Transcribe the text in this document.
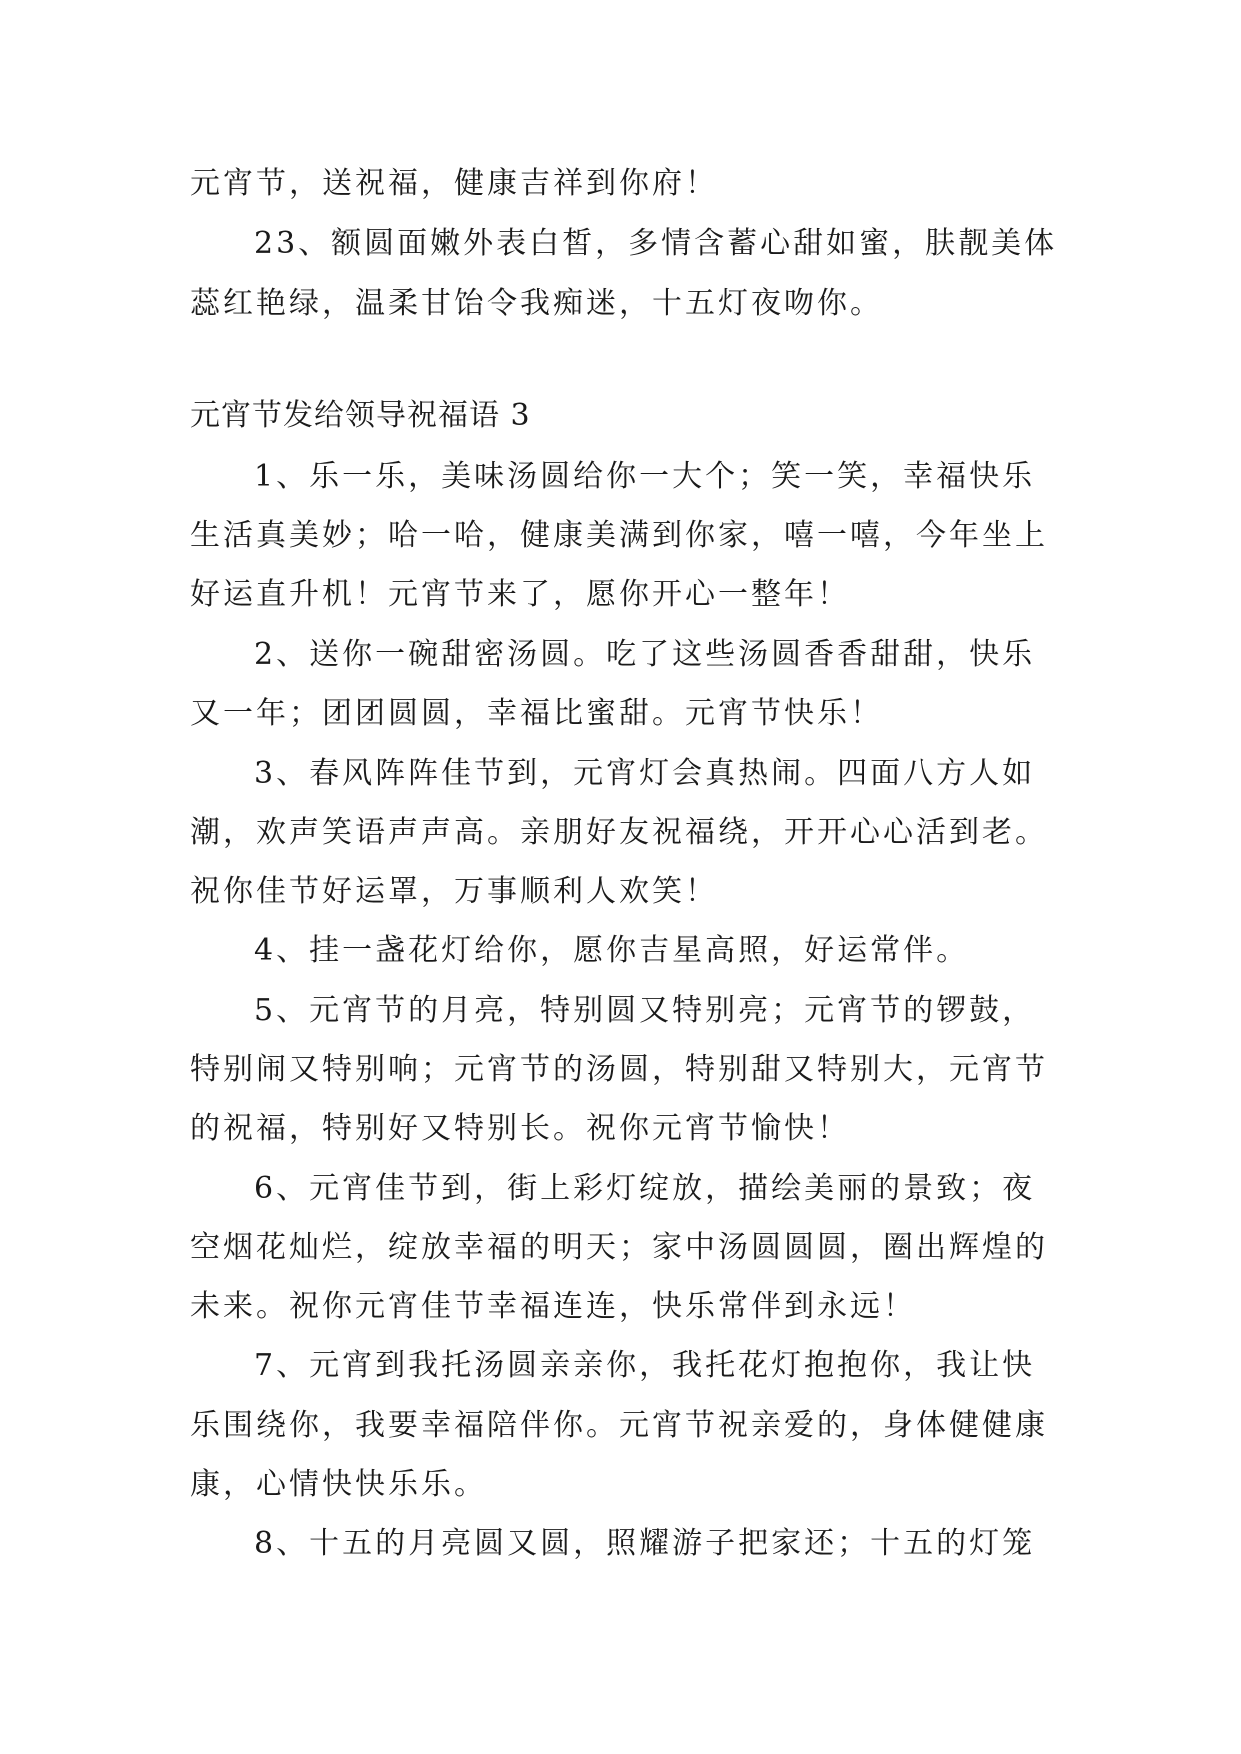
元宵节，送祝福，健康吉祥到你府！
23、额圆面嫩外表白皙，多情含蓄心甜如蜜，肤靓美体
蕊红艳绿，温柔甘饴令我痴迷，十五灯夜吻你。
元宵节发给领导祝福语 3
1、乐一乐，美味汤圆给你一大个；笑一笑，幸福快乐
生活真美妙；哈一哈，健康美满到你家，嘻一嘻，今年坐上
好运直升机！元宵节来了，愿你开心一整年！
2、送你一碗甜密汤圆。吃了这些汤圆香香甜甜，快乐
又一年；团团圆圆，幸福比蜜甜。元宵节快乐！
3、春风阵阵佳节到，元宵灯会真热闹。四面八方人如
潮，欢声笑语声声高。亲朋好友祝福绕，开开心心活到老。
祝你佳节好运罩，万事顺利人欢笑！
4、挂一盏花灯给你，愿你吉星高照，好运常伴。
5、元宵节的月亮，特别圆又特别亮；元宵节的锣鼓，
特别闹又特别响；元宵节的汤圆，特别甜又特别大，元宵节
的祝福，特别好又特别长。祝你元宵节愉快！
6、元宵佳节到，街上彩灯绽放，描绘美丽的景致；夜
空烟花灿烂，绽放幸福的明天；家中汤圆圆圆，圈出辉煌的
未来。祝你元宵佳节幸福连连，快乐常伴到永远！
7、元宵到我托汤圆亲亲你，我托花灯抱抱你，我让快
乐围绕你，我要幸福陪伴你。元宵节祝亲爱的，身体健健康
康，心情快快乐乐。
8、十五的月亮圆又圆，照耀游子把家还；十五的灯笼
